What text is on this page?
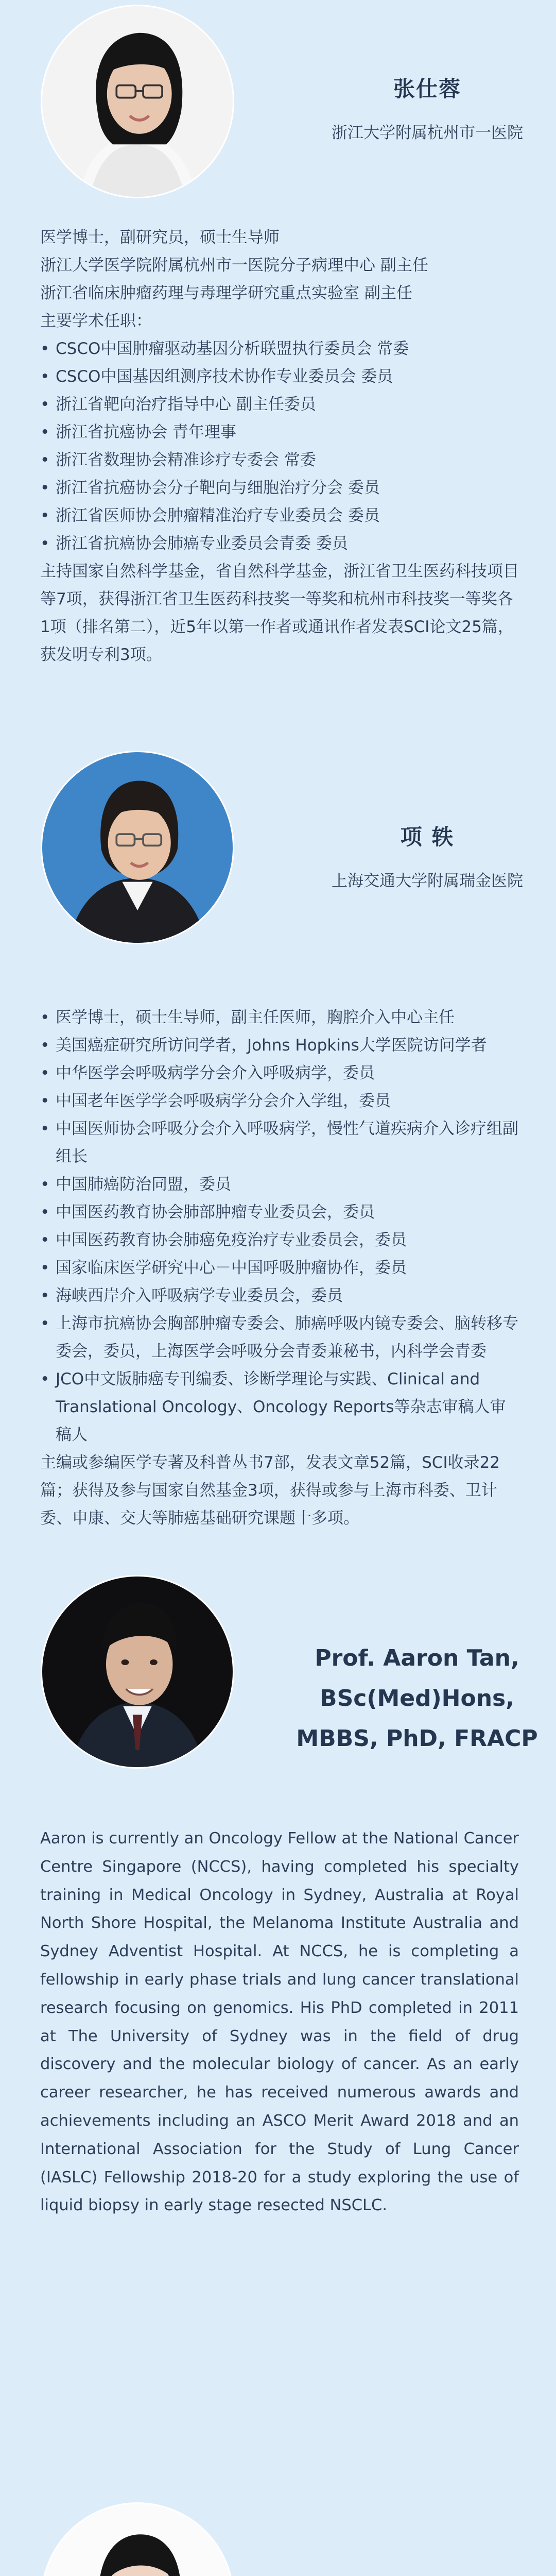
张仕蓉
浙江大学附属杭州市一医院

医学博士，副研究员，硕士生导师

浙江大学医学院附属杭州市一医院分子病理中心 副主任

浙江省临床肿瘤药理与毒理学研究重点实验室 副主任

主要学术任职：

• CSCO中国肿瘤驱动基因分析联盟执行委员会 常委
• CSCO中国基因组测序技术协作专业委员会 委员
• 浙江省靶向治疗指导中心 副主任委员
• 浙江省抗癌协会 青年理事
• 浙江省数理协会精准诊疗专委会 常委
• 浙江省抗癌协会分子靶向与细胞治疗分会 委员
• 浙江省医师协会肿瘤精准治疗专业委员会 委员
• 浙江省抗癌协会肺癌专业委员会青委 委员

主持国家自然科学基金，省自然科学基金，浙江省卫生医药科技项目等7项，获得浙江省卫生医药科技奖一等奖和杭州市科技奖一等奖各1项（排名第二），近5年以第一作者或通讯作者发表SCI论文25篇，获发明专利3项。

项 轶
上海交通大学附属瑞金医院
• 医学博士，硕士生导师，副主任医师，胸腔介入中心主任
• 美国癌症研究所访问学者，Johns Hopkins大学医院访问学者
• 中华医学会呼吸病学分会介入呼吸病学，委员
• 中国老年医学学会呼吸病学分会介入学组，委员
• 中国医师协会呼吸分会介入呼吸病学，慢性气道疾病介入诊疗组副组长
• 中国肺癌防治同盟，委员
• 中国医药教育协会肺部肿瘤专业委员会，委员
• 中国医药教育协会肺癌免疫治疗专业委员会，委员
• 国家临床医学研究中心－中国呼吸肿瘤协作，委员
• 海峡西岸介入呼吸病学专业委员会，委员
• 上海市抗癌协会胸部肿瘤专委会、肺癌呼吸内镜专委会、脑转移专委会，委员，上海医学会呼吸分会青委兼秘书，内科学会青委
• JCO中文版肺癌专刊编委、诊断学理论与实践、Clinical and Translational Oncology、Oncology Reports等杂志审稿人审稿人

主编或参编医学专著及科普丛书7部，发表文章52篇，SCI收录22篇；获得及参与国家自然基金3项，获得或参与上海市科委、卫计委、申康、交大等肺癌基础研究课题十多项。

Prof. Aaron Tan,
BSc(Med)Hons,
MBBS, PhD, FRACP

Aaron is currently an Oncology Fellow at the National Cancer Centre Singapore (NCCS), having completed his specialty training in Medical Oncology in Sydney, Australia at Royal North Shore Hospital, the Melanoma Institute Australia and Sydney Adventist Hospital. At NCCS, he is completing a fellowship in early phase trials and lung cancer translational research focusing on genomics. His PhD completed in 2011 at The University of Sydney was in the field of drug discovery and the molecular biology of cancer. As an early career researcher, he has received numerous awards and achievements including an ASCO Merit Award 2018 and an International Association for the Study of Lung Cancer (IASLC) Fellowship 2018-20 for a study exploring the use of liquid biopsy in early stage resected NSCLC.
